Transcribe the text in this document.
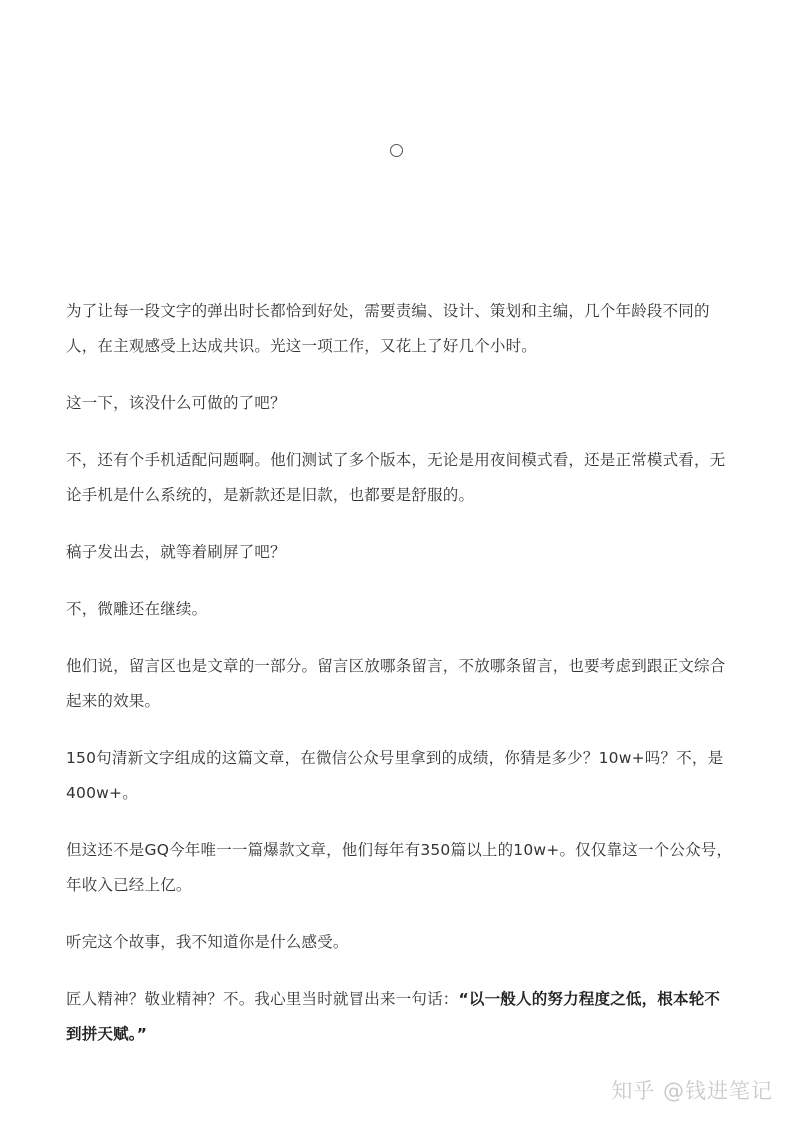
为了让每一段文字的弹出时长都恰到好处，需要责编、设计、策划和主编，几个年龄段不同的人，在主观感受上达成共识。光这一项工作，又花上了好几个小时。

这一下，该没什么可做的了吧？

不，还有个手机适配问题啊。他们测试了多个版本，无论是用夜间模式看，还是正常模式看，无论手机是什么系统的，是新款还是旧款，也都要是舒服的。

稿子发出去，就等着刷屏了吧？

不，微雕还在继续。

他们说，留言区也是文章的一部分。留言区放哪条留言，不放哪条留言，也要考虑到跟正文综合起来的效果。

150句清新文字组成的这篇文章，在微信公众号里拿到的成绩，你猜是多少？10w+吗？不，是400w+。

但这还不是GQ今年唯一一篇爆款文章，他们每年有350篇以上的10w+。仅仅靠这一个公众号，年收入已经上亿。

听完这个故事，我不知道你是什么感受。

匠人精神？敬业精神？不。我心里当时就冒出来一句话：“以一般人的努力程度之低，根本轮不到拼天赋。”

知乎 @钱进笔记
